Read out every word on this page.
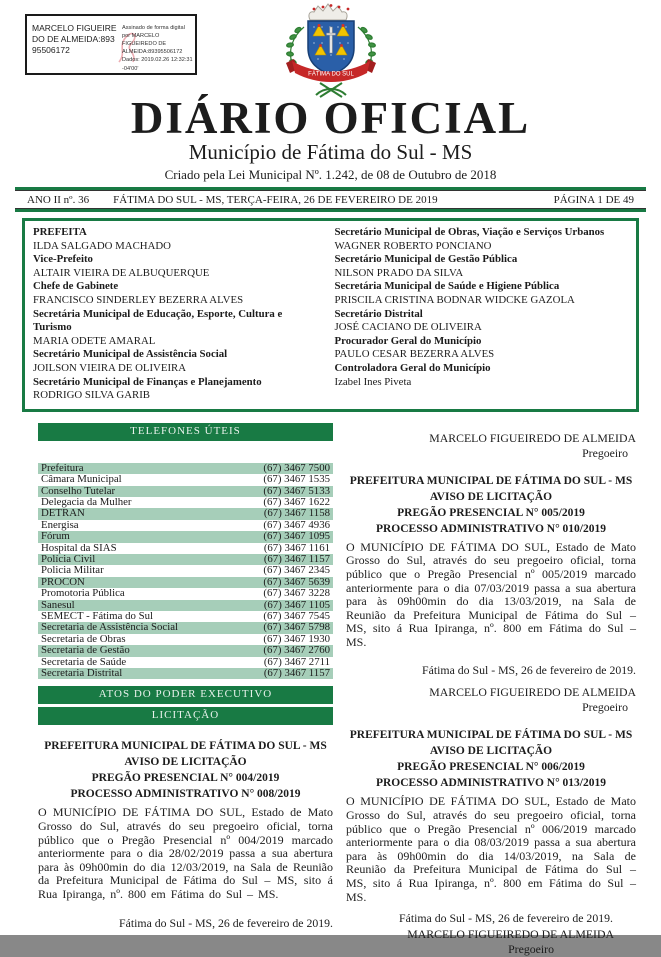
MARCELO FIGUEIREDO DE ALMEIDA:89395506172
Assinado de forma digital por MARCELO FIGUEIREDO DE ALMEIDA:89395506172
Dados: 2019.02.26 12:32:31 -04'00'
FÁTIMA DO SUL
DIÁRIO OFICIAL
Município de Fátima do Sul - MS
Criado pela Lei Municipal Nº. 1.242, de 08 de Outubro de 2018
ANO II nº. 36	FÁTIMA DO SUL - MS, TERÇA-FEIRA, 26 DE FEVEREIRO DE 2019	PÁGINA 1 DE 49
PREFEITA
ILDA SALGADO MACHADO
Vice-Prefeito
ALTAIR VIEIRA DE ALBUQUERQUE
Chefe de Gabinete
FRANCISCO SINDERLEY BEZERRA ALVES
Secretária Municipal de Educação, Esporte, Cultura e Turismo
MARIA ODETE AMARAL
Secretário Municipal de Assistência Social
JOILSON VIEIRA DE OLIVEIRA
Secretário Municipal de Finanças e Planejamento
RODRIGO SILVA GARIB
Secretário Municipal de Obras, Viação e Serviços Urbanos
WAGNER ROBERTO PONCIANO
Secretário Municipal de Gestão Pública
NILSON PRADO DA SILVA
Secretária Municipal de Saúde e Higiene Pública
PRISCILA CRISTINA BODNAR WIDCKE GAZOLA
Secretário Distrital
JOSÉ CACIANO DE OLIVEIRA
Procurador Geral do Município
PAULO CESAR BEZERRA ALVES
Controladora Geral do Município
Izabel Ines Piveta
TELEFONES ÚTEIS
Prefeitura	(67) 3467 7500
Câmara Municipal	(67) 3467 1535
Conselho Tutelar	(67) 3467 5133
Delegacia da Mulher	(67) 3467 1622
DETRAN	(67) 3467 1158
Energisa	(67) 3467 4936
Fórum	(67) 3467 1095
Hospital da SIAS	(67) 3467 1161
Polícia Civil	(67) 3467 1157
Policia Militar	(67) 3467 2345
PROCON	(67) 3467 5639
Promotoria Pública	(67) 3467 3228
Sanesul	(67) 3467 1105
SEMECT - Fátima do Sul	(67) 3467 7545
Secretaria de Assistência Social	(67) 3467 5798
Secretaria de Obras	(67) 3467 1930
Secretaria de Gestão	(67) 3467 2760
Secretaria de Saúde	(67) 3467 2711
Secretaria Distrital	(67) 3467 1157
ATOS DO PODER EXECUTIVO
LICITAÇÃO
PREFEITURA MUNICIPAL DE FÁTIMA DO SUL - MS
AVISO DE LICITAÇÃO
PREGÃO PRESENCIAL N° 004/2019
PROCESSO ADMINISTRATIVO N° 008/2019
O MUNICÍPIO DE FÁTIMA DO SUL, Estado de Mato Grosso do Sul, através do seu pregoeiro oficial, torna público que o Pregão Presencial nº 004/2019 marcado anteriormente para o dia 28/02/2019 passa a sua abertura para às 09h00min do dia 12/03/2019, na Sala de Reunião da Prefeitura Municipal de Fátima do Sul – MS, sito á Rua Ipiranga, nº. 800 em Fátima do Sul – MS.
Fátima do Sul - MS, 26 de fevereiro de 2019.
MARCELO FIGUEIREDO DE ALMEIDA
Pregoeiro
PREFEITURA MUNICIPAL DE FÁTIMA DO SUL - MS
AVISO DE LICITAÇÃO
PREGÃO PRESENCIAL N° 005/2019
PROCESSO ADMINISTRATIVO N° 010/2019
O MUNICÍPIO DE FÁTIMA DO SUL, Estado de Mato Grosso do Sul, através do seu pregoeiro oficial, torna público que o Pregão Presencial nº 005/2019 marcado anteriormente para o dia 07/03/2019 passa a sua abertura para às 09h00min do dia 13/03/2019, na Sala de Reunião da Prefeitura Municipal de Fátima do Sul – MS, sito á Rua Ipiranga, nº. 800 em Fátima do Sul – MS.
Fátima do Sul - MS, 26 de fevereiro de 2019.
MARCELO FIGUEIREDO DE ALMEIDA
Pregoeiro
PREFEITURA MUNICIPAL DE FÁTIMA DO SUL - MS
AVISO DE LICITAÇÃO
PREGÃO PRESENCIAL N° 006/2019
PROCESSO ADMINISTRATIVO N° 013/2019
O MUNICÍPIO DE FÁTIMA DO SUL, Estado de Mato Grosso do Sul, através do seu pregoeiro oficial, torna público que o Pregão Presencial nº 006/2019 marcado anteriormente para o dia 08/03/2019 passa a sua abertura para às 09h00min do dia 14/03/2019, na Sala de Reunião da Prefeitura Municipal de Fátima do Sul – MS, sito á Rua Ipiranga, nº. 800 em Fátima do Sul – MS.
Fátima do Sul - MS, 26 de fevereiro de 2019.
MARCELO FIGUEIREDO DE ALMEIDA
Pregoeiro
